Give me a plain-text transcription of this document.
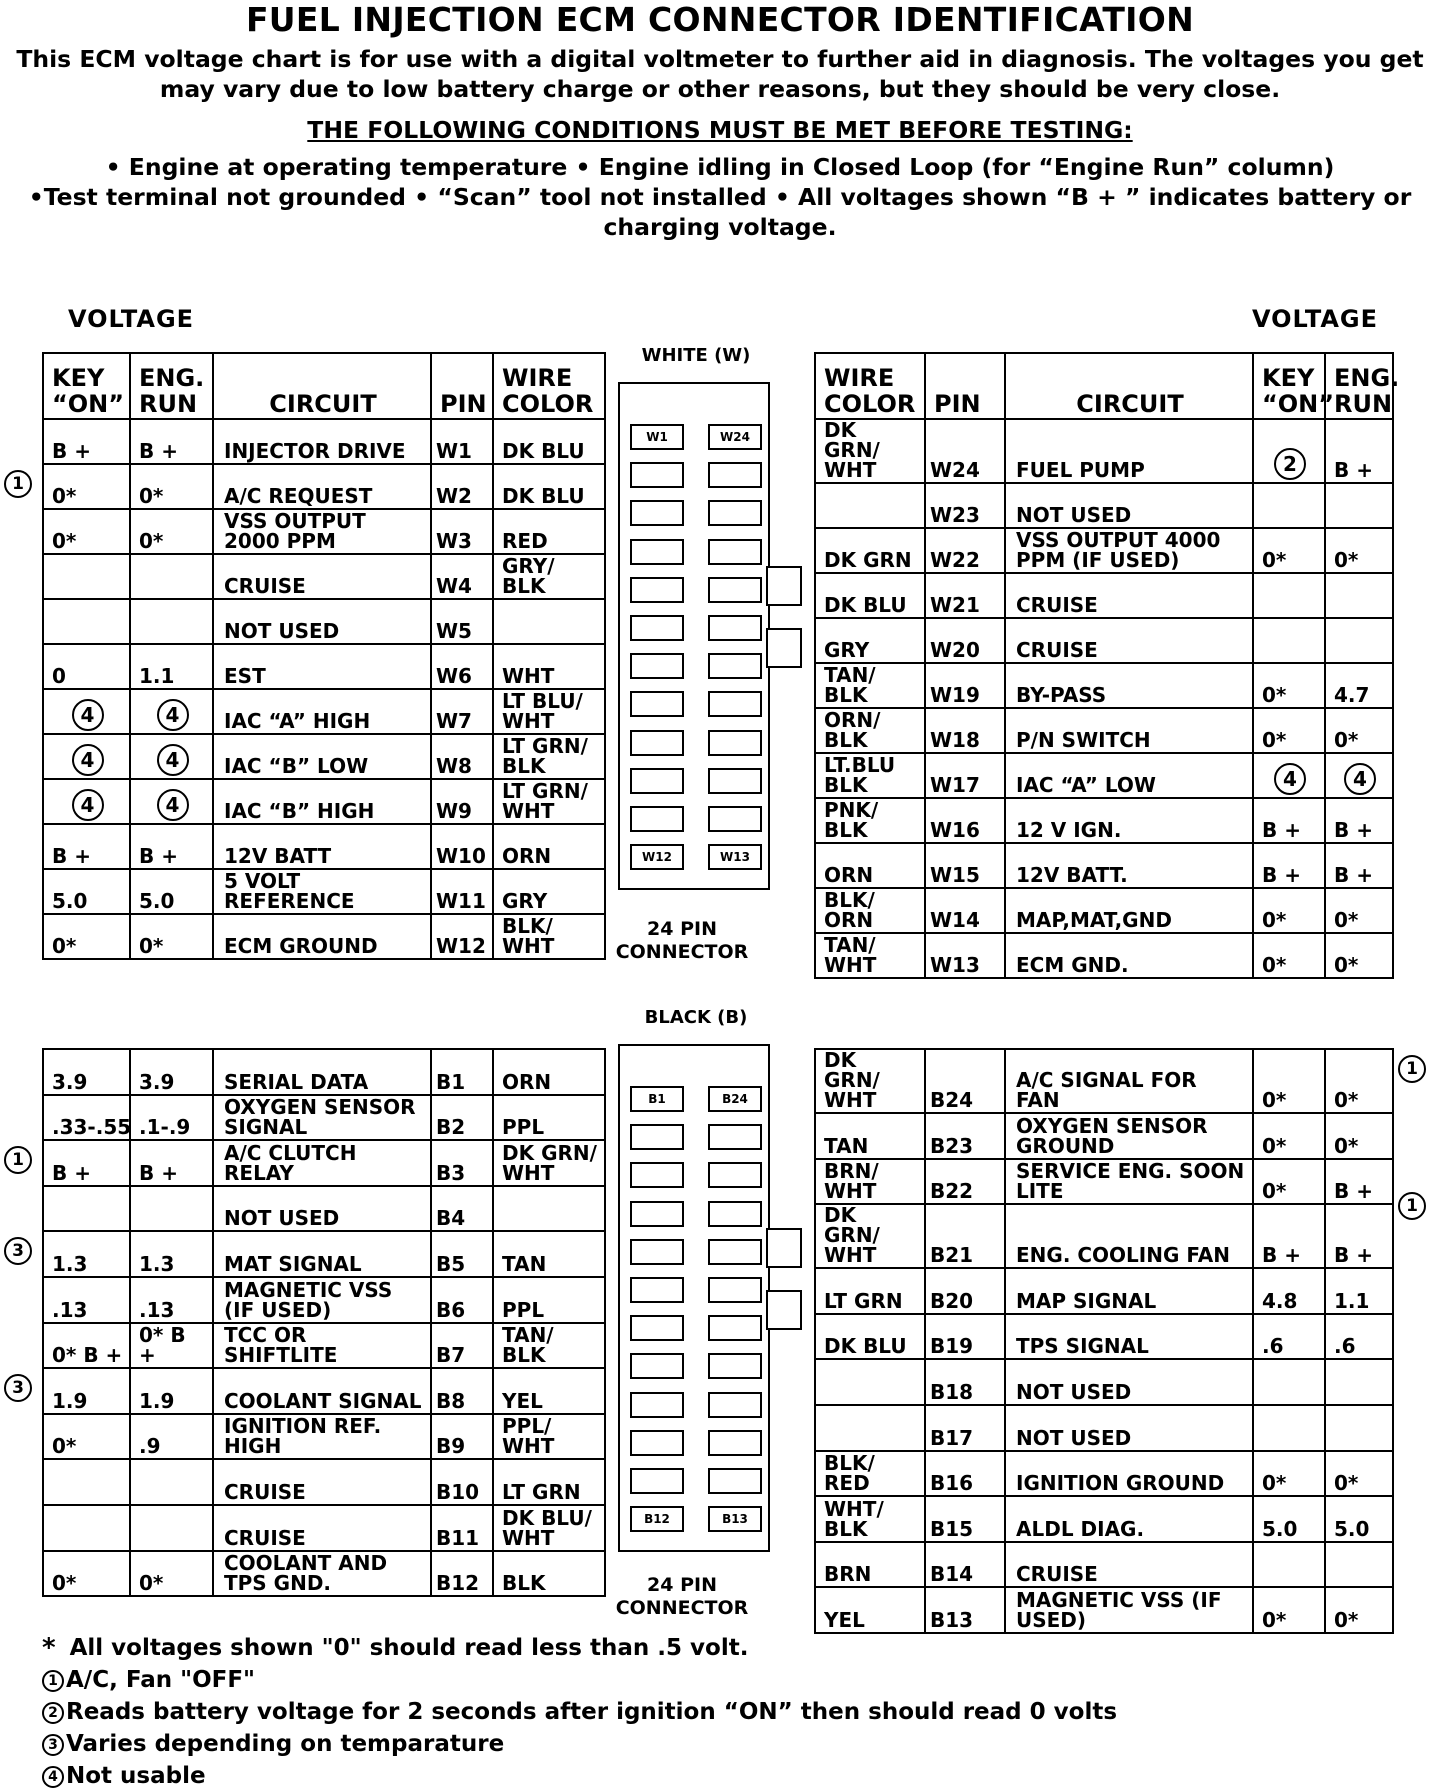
FUEL INJECTION ECM CONNECTOR IDENTIFICATION
This ECM voltage chart is for use with a digital voltmeter to further aid in diagnosis. The voltages you get
may vary due to low battery charge or other reasons, but they should be very close.
THE FOLLOWING CONDITIONS MUST BE MET BEFORE TESTING:
• Engine at operating temperature • Engine idling in Closed Loop (for “Engine Run” column)
•Test terminal not grounded • “Scan” tool not installed • All voltages shown “B + ” indicates battery or
charging voltage.
VOLTAGE	VOLTAGE
KEY “ON”	ENG. RUN	CIRCUIT	PIN	WIRE COLOR
B +	B +	INJECTOR DRIVE	W1	DK BLU
0*	0*	A/C REQUEST	W2	DK BLU
0*	0*	VSS OUTPUT 2000 PPM	W3	RED
		CRUISE	W4	GRY/ BLK
		NOT USED	W5	
0	1.1	EST	W6	WHT
4	4	IAC “A” HIGH	W7	LT BLU/ WHT
4	4	IAC “B” LOW	W8	LT GRN/ BLK
4	4	IAC “B” HIGH	W9	LT GRN/ WHT
B +	B +	12V BATT	W10	ORN
5.0	5.0	5 VOLT REFERENCE	W11	GRY
0*	0*	ECM GROUND	W12	BLK/ WHT
WIRE COLOR	PIN	CIRCUIT	KEY “ON”	ENG. RUN
DK GRN/ WHT	W24	FUEL PUMP	2	B +
	W23	NOT USED		
DK GRN	W22	VSS OUTPUT 4000 PPM (IF USED)	0*	0*
DK BLU	W21	CRUISE		
GRY	W20	CRUISE		
TAN/ BLK	W19	BY-PASS	0*	4.7
ORN/ BLK	W18	P/N SWITCH	0*	0*
LT.BLU BLK	W17	IAC “A” LOW	4	4
PNK/ BLK	W16	12 V IGN.	B +	B +
ORN	W15	12V BATT.	B +	B +
BLK/ ORN	W14	MAP,MAT,GND	0*	0*
TAN/ WHT	W13	ECM GND.	0*	0*
3.9	3.9	SERIAL DATA	B1	ORN
.33-.55	.1-.9	OXYGEN SENSOR SIGNAL	B2	PPL
B +	B +	A/C CLUTCH RELAY	B3	DK GRN/ WHT
		NOT USED	B4	
1.3	1.3	MAT SIGNAL	B5	TAN
.13	.13	MAGNETIC VSS (IF USED)	B6	PPL
0* B +	0* B +	TCC OR SHIFTLITE	B7	TAN/ BLK
1.9	1.9	COOLANT SIGNAL	B8	YEL
0*	.9	IGNITION REF. HIGH	B9	PPL/ WHT
		CRUISE	B10	LT GRN
		CRUISE	B11	DK BLU/ WHT
0*	0*	COOLANT AND TPS GND.	B12	BLK
DK GRN/ WHT	B24	A/C SIGNAL FOR FAN	0*	0*
TAN	B23	OXYGEN SENSOR GROUND	0*	0*
BRN/ WHT	B22	SERVICE ENG. SOON LITE	0*	B +
DK GRN/ WHT	B21	ENG. COOLING FAN	B +	B +
LT GRN	B20	MAP SIGNAL	4.8	1.1
DK BLU	B19	TPS SIGNAL	.6	.6
	B18	NOT USED		
	B17	NOT USED		
BLK/ RED	B16	IGNITION GROUND	0*	0*
WHT/ BLK	B15	ALDL DIAG.	5.0	5.0
BRN	B14	CRUISE		
YEL	B13	MAGNETIC VSS (IF USED)	0*	0*
WHITE (W)
W1	W24
W12	W13
24 PIN CONNECTOR
BLACK (B)
B1	B24
B12	B13
24 PIN CONNECTOR
1
1
3
3
1
1
* All voltages shown "0" should read less than .5 volt.
1 A/C, Fan "OFF"
2 Reads battery voltage for 2 seconds after ignition “ON” then should read 0 volts
3 Varies depending on temparature
4 Not usable
